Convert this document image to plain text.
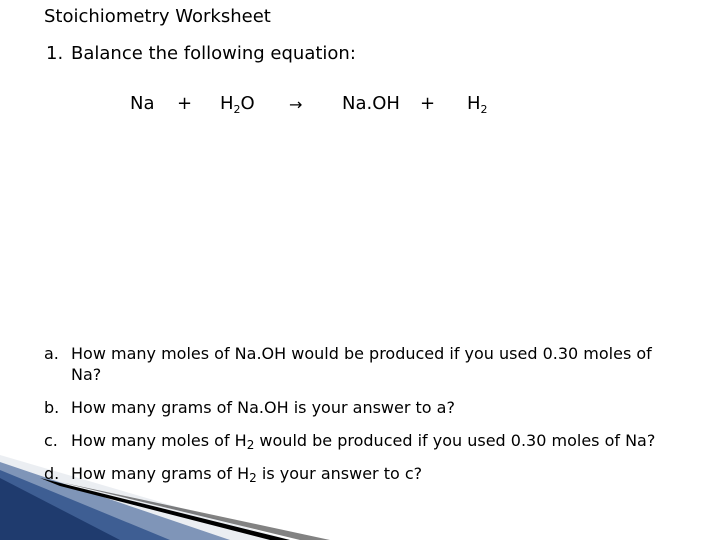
Stoichiometry Worksheet
1. Balance the following equation:
$Na + H_2O \to Na.OH + H_2$
a. How many moles of Na.OH would be produced if you used 0.30 moles of Na?
b. How many grams of Na.OH is your answer to a?
c. How many moles of $H_2$ would be produced if you used 0.30 moles of Na?
d. How many grams of $H_2$ is your answer to c?
